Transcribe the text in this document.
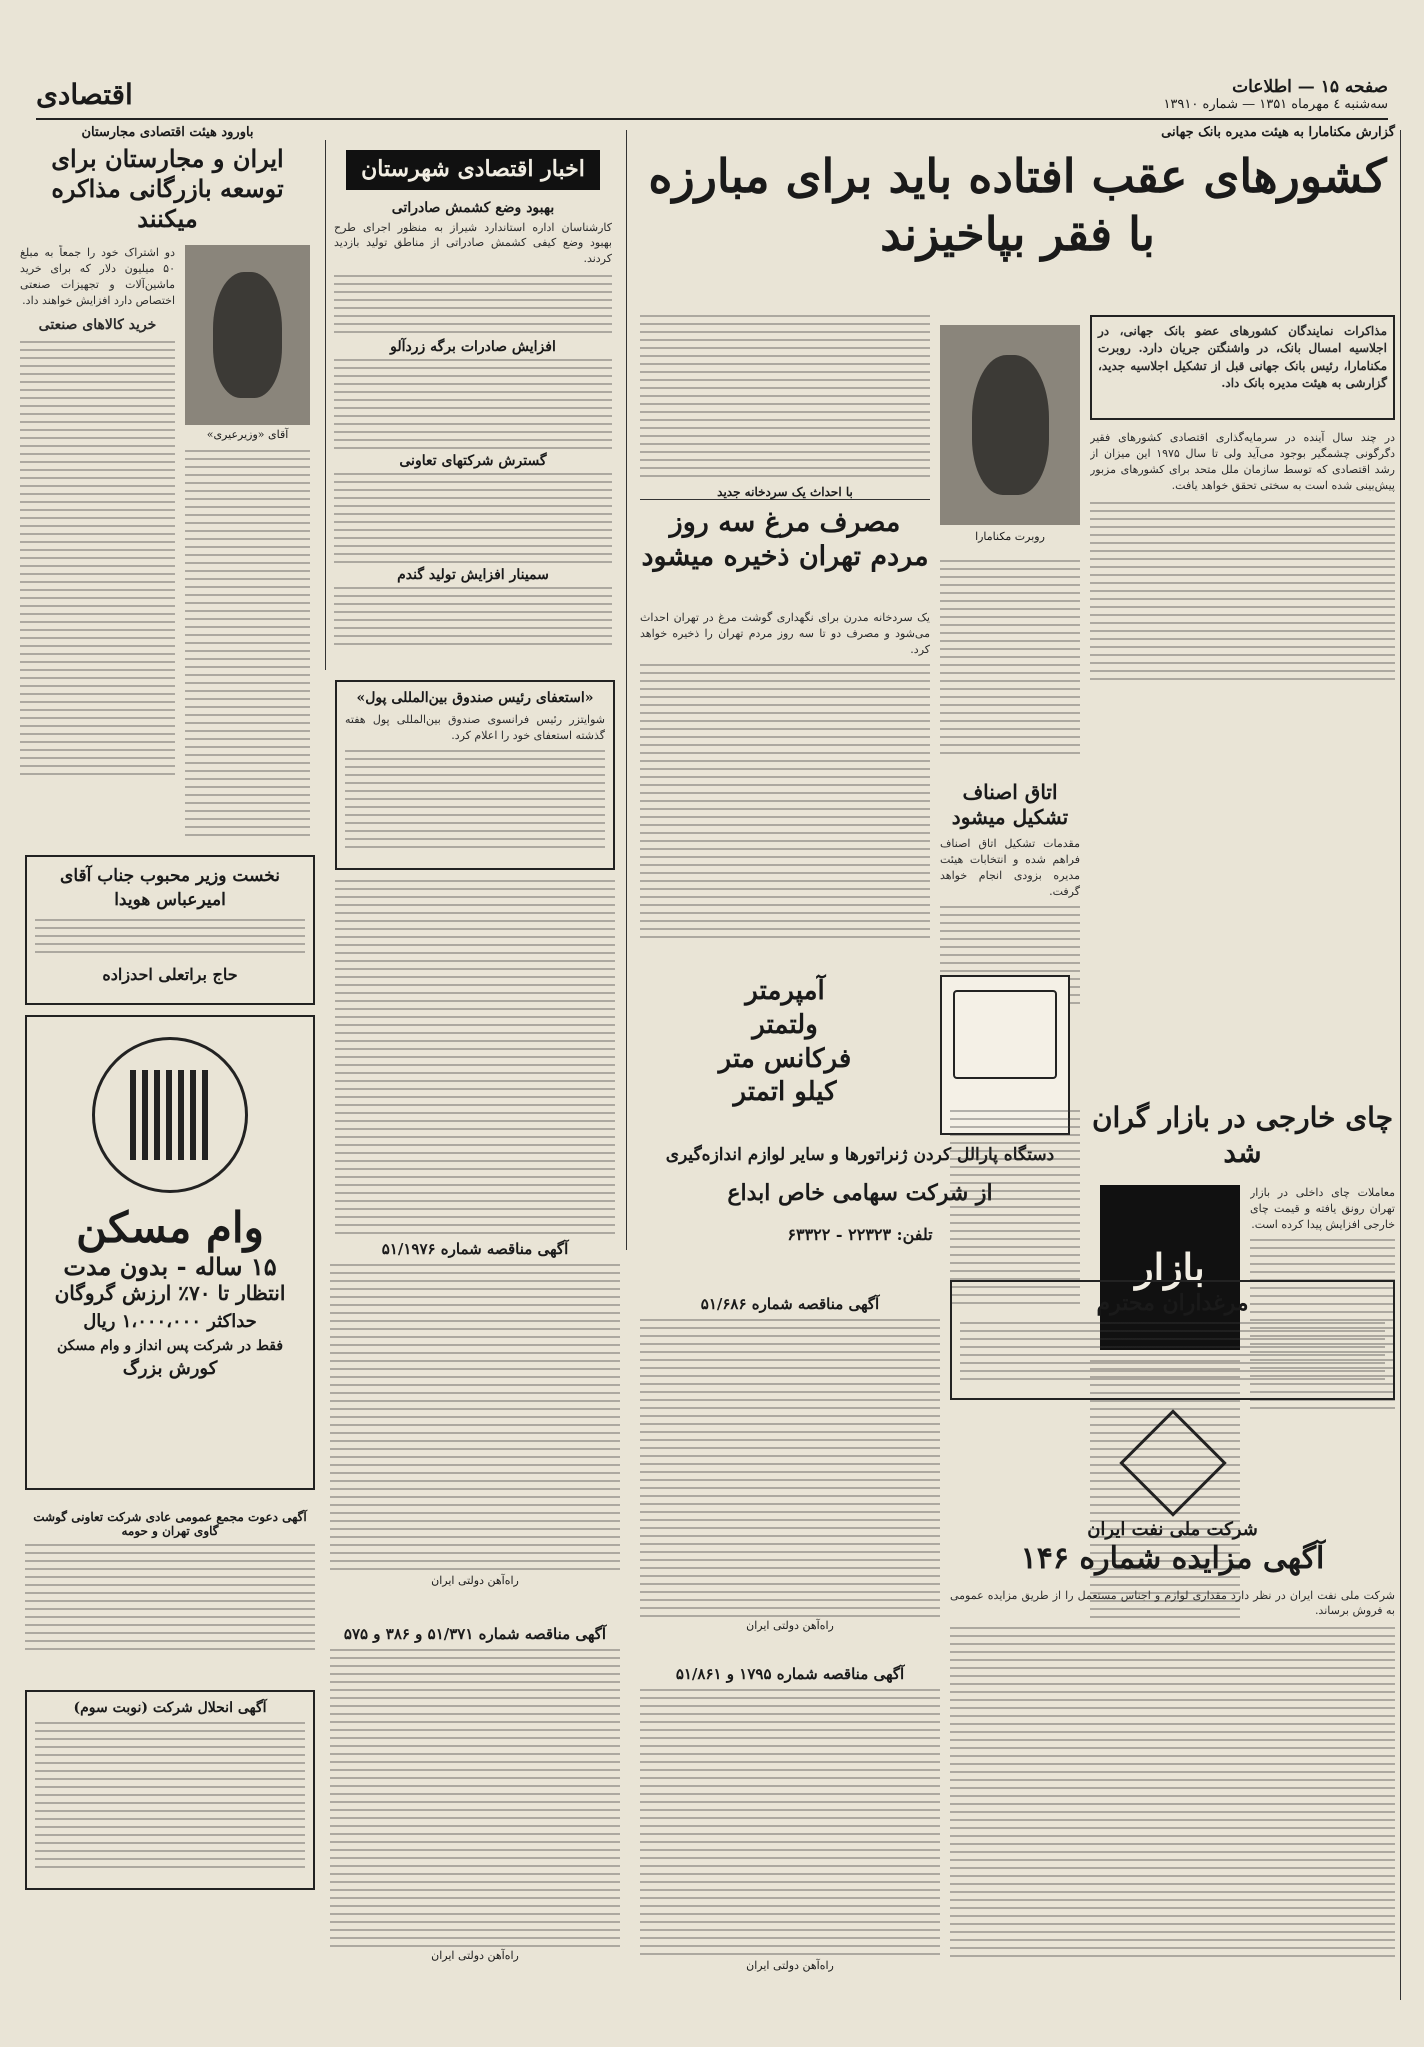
صفحه ۱۵ — اطلاعات
سه‌شنبه ٤ مهرماه ۱۳۵۱ — شماره ۱۳۹۱۰
اقتصادی
گزارش مکنامارا به هیئت مدیره بانک جهانی
کشورهای عقب افتاده باید برای مبارزه با فقر بپاخیزند
مذاکرات نمایندگان کشورهای عضو بانک جهانی، در اجلاسیه امسال بانک، در واشنگتن جریان دارد. روبرت مکنامارا، رئیس بانک جهانی قبل از تشکیل اجلاسیه جدید، گزارشی به هیئت مدیره بانک داد.
در چند سال آینده در سرمایه‌گذاری اقتصادی کشورهای فقیر دگرگونی چشمگیر بوجود می‌آید ولی تا سال ۱۹۷۵ این میزان از رشد اقتصادی که توسط سازمان ملل متحد برای کشورهای مزبور پیش‌بینی شده است به سختی تحقق خواهد یافت.
روبرت مکنامارا
با احداث یک سردخانه جدید
مصرف مرغ سه روز مردم تهران ذخیره میشود
یک سردخانه مدرن برای نگهداری گوشت مرغ در تهران احداث می‌شود و مصرف دو تا سه روز مردم تهران را ذخیره خواهد کرد.
چای خارجی در بازار گران شد
بازار
معاملات چای داخلی در بازار تهران رونق یافته و قیمت چای خارجی افزایش پیدا کرده است.
اتاق اصناف تشکیل میشود
مقدمات تشکیل اتاق اصناف فراهم شده و انتخابات هیئت مدیره بزودی انجام خواهد گرفت.
آمپرمتر
ولتمتر
فرکانس متر
کیلو اتمتر
دستگاه پارالل کردن ژنراتورها و سایر لوازم اندازه‌گیری
از شرکت سهامی خاص ابداع
تلفن: ۲۲۳۲۳ - ۶۳۳۲۲
باورود هیئت اقتصادی مجارستان
ایران و مجارستان برای توسعه بازرگانی مذاکره میکنند
آقای «وزیرعیری»
دو اشتراک خود را جمعاً به مبلغ ۵۰ میلیون دلار که برای خرید ماشین‌آلات و تجهیزات صنعتی اختصاص دارد افزایش خواهند داد.
خرید کالاهای صنعتی
اخبار اقتصادی شهرستان
بهبود وضع کشمش صادراتی
کارشناسان اداره استاندارد شیراز به منظور اجرای طرح بهبود وضع کیفی کشمش صادراتی از مناطق تولید بازدید کردند.
افزایش صادرات برگه زردآلو
گسترش شرکتهای تعاونی
سمینار افزایش تولید گندم
«استعفای رئیس صندوق بین‌المللی پول»
شوایتزر رئیس فرانسوی صندوق بین‌المللی پول هفته گذشته استعفای خود را اعلام کرد.
نخست وزیر محبوب جناب آقای امیرعباس هویدا
حاج براتعلی احدزاده
وام مسکن
۱۵ ساله - بدون مدت
انتظار تا ۷۰٪ ارزش گروگان
حداکثر ۱،۰۰۰،۰۰۰ ریال
فقط در شرکت پس انداز و وام مسکن
کورش بزرگ
آگهی دعوت مجمع عمومی عادی شرکت تعاونی گوشت گاوی تهران و حومه
آگهی انحلال شرکت (نوبت سوم)
آگهی مناقصه شماره ۵۱/۱۹۷۶
راه‌آهن دولتی ایران
آگهی مناقصه شماره ۵۱/۶۸۶
راه‌آهن دولتی ایران
آگهی مناقصه شماره ۵۱/۳۷۱ و ۳۸۶ و ۵۷۵
راه‌آهن دولتی ایران
آگهی مناقصه شماره ۱۷۹۵ و ۵۱/۸۶۱
راه‌آهن دولتی ایران
مرغداران محترم
شرکت ملی نفت ایران
آگهی مزایده شماره ۱۴۶
شرکت ملی نفت ایران در نظر دارد مقداری لوازم و اجناس مستعمل را از طریق مزایده عمومی به فروش برساند.
